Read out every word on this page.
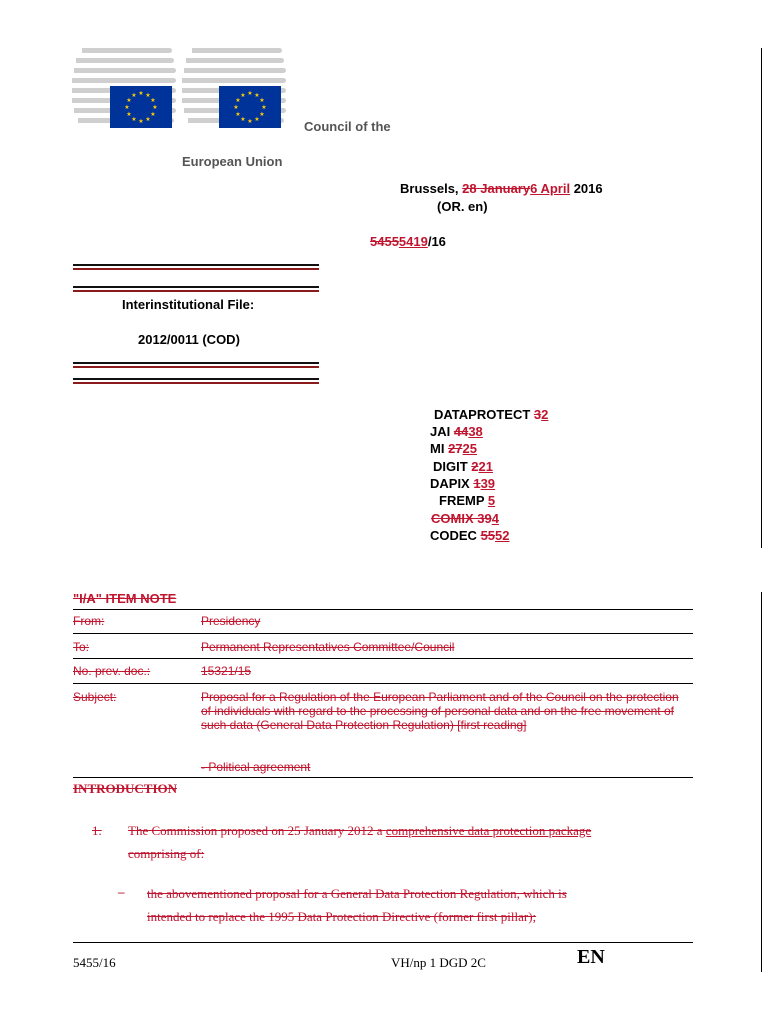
★ ★
★
★
★
★
★
★
★
★
★
★	★ ★
★
★
★
★
★
★
★
★
★
★
Council of the
European Union
Brussels, 28 January6 April 2016
(OR. en)
54555419/16
Interinstitutional File:
2012/0011 (COD)
DATAPROTECT 32
JAI 4438
MI 2725
DIGIT 221
DAPIX 139
FREMP 5
COMIX 394
CODEC 5552
"I/A" ITEM NOTE
From:	Presidency
To:	Permanent Representatives Committee/Council
No. prev. doc.:	15321/15
Subject:	Proposal for a Regulation of the European Parliament and of the Council on the protection of individuals with regard to the processing of personal data and on the free movement of such data (General Data Protection Regulation) [first reading]
- Political agreement
INTRODUCTION
1. The Commission proposed on 25 January 2012 a comprehensive data protection package
comprising of:
– the abovementioned proposal for a General Data Protection Regulation, which is
intended to replace the 1995 Data Protection Directive (former first pillar);
5455/16	VH/np 1 DGD 2C	EN
